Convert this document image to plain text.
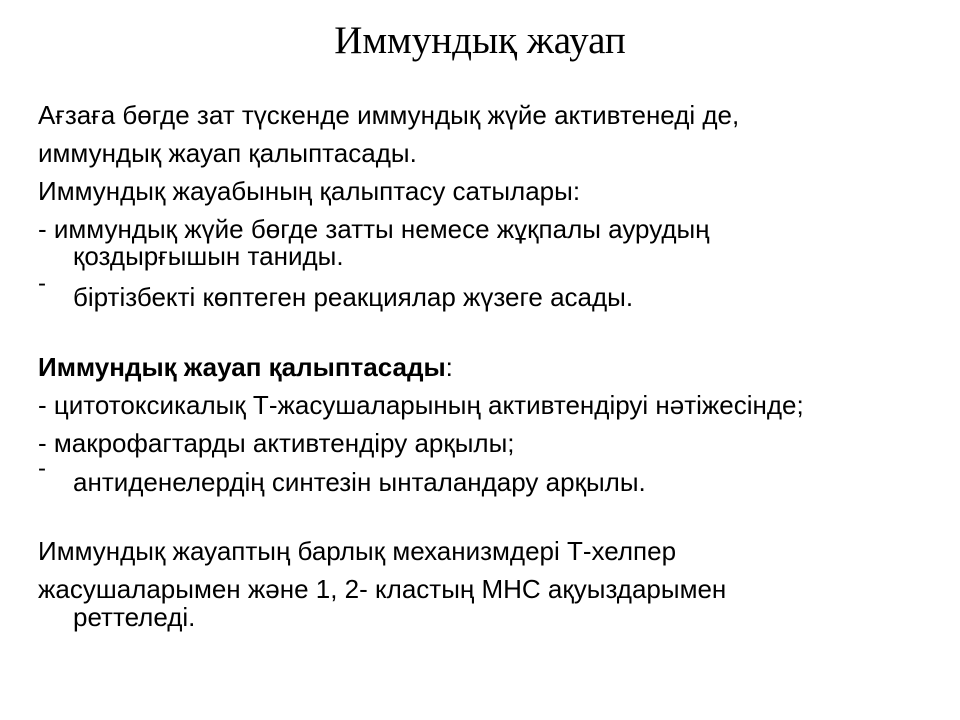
Иммундық жауап
Ағзаға бөгде зат түскенде иммундық жүйе активтенеді де,
иммундық жауап қалыптасады.
Иммундық жауабының қалыптасу сатылары:
- иммундық жүйе бөгде затты немесе жұқпалы аурудың
қоздырғышын таниды.
- біртізбекті көптеген реакциялар жүзеге асады.
Иммундық жауап қалыптасады:
- цитотоксикалық Т-жасушаларының активтендіруі нәтіжесінде;
- макрофагтарды активтендіру арқылы;
- антиденелердің синтезін ынталандару арқылы.
Иммундық жауаптың барлық механизмдері Т-хелпер
жасушаларымен және 1, 2- кластың МНС ақуыздарымен
реттеледі.
